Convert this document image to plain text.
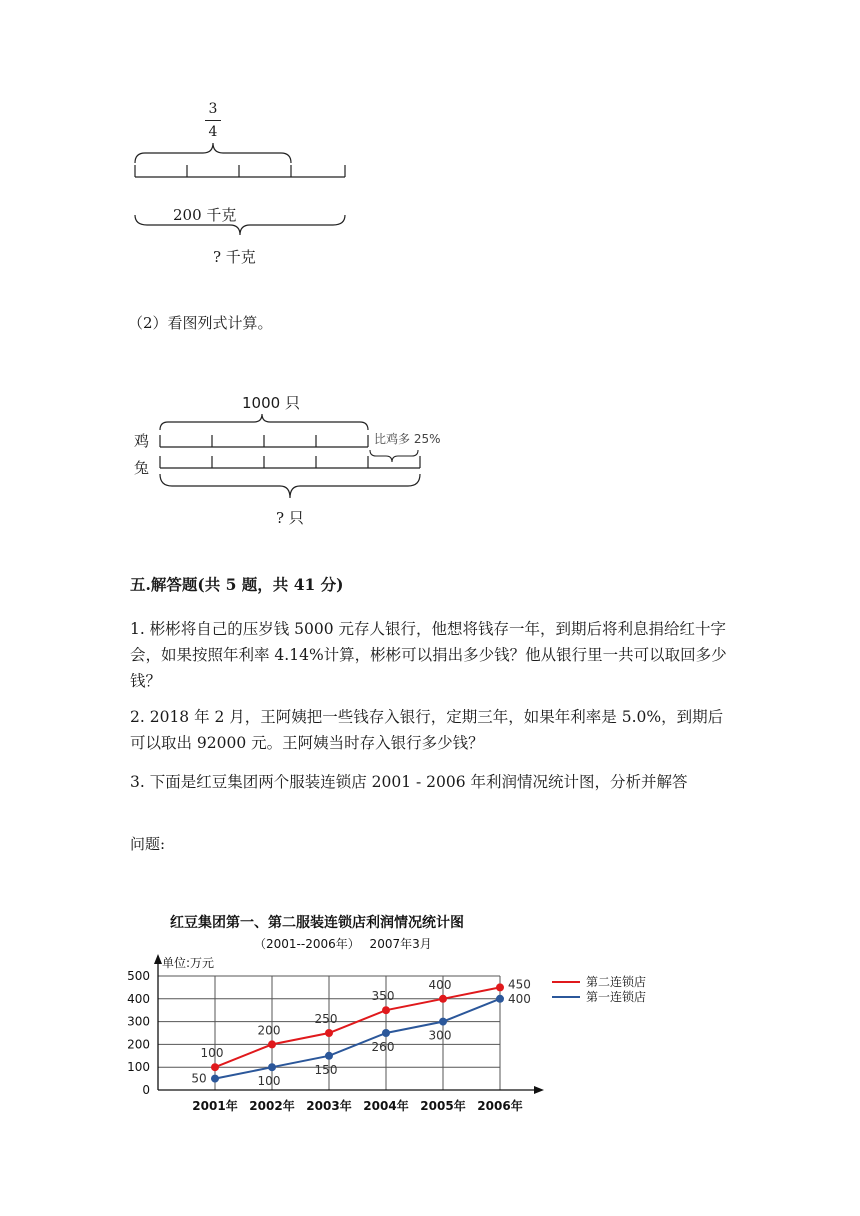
3
4
200 千克
? 千克
（2）看图列式计算。
1000 只
鸡
兔
比鸡多 25%
? 只
五.解答题(共 5 题，共 41 分)
1. 彬彬将自己的压岁钱 5000 元存人银行，他想将钱存一年，到期后将利息捐给红十字会，如果按照年利率 4.14%计算，彬彬可以捐出多少钱？他从银行里一共可以取回多少钱？
2. 2018 年 2 月，王阿姨把一些钱存入银行，定期三年，如果年利率是 5.0%，到期后可以取出 92000 元。王阿姨当时存入银行多少钱？
3. 下面是红豆集团两个服装连锁店 2001 - 2006 年利润情况统计图，分析并解答
问题:
红豆集团第一、第二服装连锁店利润情况统计图
（2001--2006年）　 2007年3月
单位:万元
0
100
200
300
400
500
2001年 2002年 2003年 2004年 2005年 2006年
100
200
250
350
400	450
50	100
150
260
300
400
第二连锁店
第一连锁店
